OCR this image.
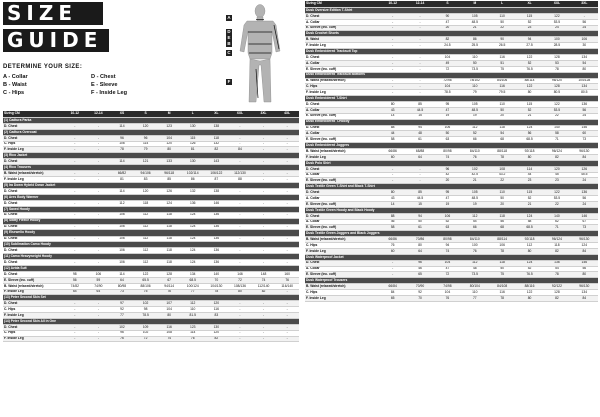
SIZE
GUIDE
DETERMINE YOUR SIZE:
A - Collar	D - Chest
B - Waist	E - Sleeve
C - Hips	F - Inside Leg
A
B
C
D
E
F
Sizing CM	10-12	12-14	XS	S	M	L	XL	XXL	3XL	4XL
(1) Cadtura Parka										
D. Chest	-	-	114	120	123	130	138	-	-	-
(2) Cadtura Overcoat										
D. Chest	-	-	96	96	104	115	118	-	-	-
C. Hips	-	-	106	114	120	126	132	-	-	-
F. Inside Leg	-	-	78	79	80	81	82	84	-	-
(3) Rico Jacket										
D. Chest	-	-	114	121	133	130	143	-	-	-
(4) Rico Trousers										
B. Waist (relaxed/stretch)	-	-	66/82	94/106	96/118	102/114	106/122	112/130	-	-
F. Inside Leg	-	-	81	83	85	86	87	88	-	-
(5) Ira Down Hybrid Down Jacket										
D. Chest	-	-	114	120	126	132	138	-	-	-
(6) Ares Body Warmer										
D. Chest	-	-	112	118	124	136	146	-	-	-
(7) Saxed Hoody										
D. Chest	-	-	106	112	118	124	136	-	-	-
(8) Slatty Fleece Hoody										
D. Chest	-	-	106	112	118	124	136	-	-	-
(9) Elsewelio Hoody										
D. Chest	-	-	106	112	118	124	136	-	-	-
(10) Sublimation Camo Hoody										
D. Chest	-	-	106	112	118	124	136	-	-	-
(11) Camo Heavyweight Hoody										
D. Chest	-	-	106	112	118	124	136	-	-	-
(12) Avida Suit										
D. Chest	98	106	114	122	128	134	140	146	148	160
E. Sleeve (inc. cuff)	56	59	64	65.5	67	68.5	70	72	74	76
B. Waist (relaxed/stretch)	74/82	74/90	80/98	88/106	94/114	100/124	104/130	108/136	112/140	116/140
F. Inside Leg	64	64	73	75	76	77	78	80	82	-
(13) Peter Second Skin Set										
D. Chest	-	-	97	102	107	112	120	-	-	-
C. Hips	-	-	92	98	104	110	116	-	-	-
F. Inside Leg	-	-	77	78.5	80	81.5	83	-	-	-
(14) Peter Second Skin All in One										
D. Chest	-	-	102	109	116	123	130	-	-	-
C. Hips	-	-	96	102	108	114	120	-	-	-
F. Inside Leg	-	-	76	72	74	76	82	-	-	-
Sizing CM	10-12	12-14	S	M	L	XL	XXL	3XL
Dusk Oversize Edition T-Shirt								
D. Chest	-	-	90	105	110	115	122	-
A. Collar	-	-	47	48.5	50	52	53.5	56
E. Sleeve (inc. cuff)	-	-	20	21	22	23	24	24
Dusk Crochet Shorts								
B. Waist	-	-	82	86	90	94	100	106
F. Inside Leg	-	-	24.5	25.5	26.5	27.5	28.5	30
Dusk Embroidered Tracksuit Top								
D. Chest	-	-	104	110	116	122	128	134
A. Collar	-	-	49	50	51	52	53	54
E. Sleeve (inc. cuff)	-	-	72	73.5	75	76.5	78	80
Dusk Embroidered Tracksuit Bottoms								
B. Waist (relaxed/stretch)	-	-	72/98	78/102	84/106	88/114	96/120	104/128
C. Hips	-	-	104	110	116	122	128	134
F. Inside Leg	-	-	78.5	79	79.5	80	80.5	80.5
Dusk Embroidered T-Shirt								
D. Chest	80	85	95	105	110	115	122	136
A. Collar	43	44.5	47	48.5	50	52	53.5	56
E. Sleeve (inc. cuff)	14	15	19	19	20	21	22	24
Dusk Embroidered T-Hoody								
D. Chest	88	94	106	112	118	124	140	146
A. Collar	44	48	50	52	54	56	58	60
E. Sleeve (inc. cuff)	58	61	63	66	68	68.5	71	73
Dusk Embroidered Joggers								
B. Waist (relaxed/stretch)	66/86	68/88	80/98	84/110	88/118	92/118	96/124	96/130
F. Inside Leg	60	64	74	76	78	80	82	84
Dusk Polo Shirt								
D. Chest	-	-	96	102	108	114	120	126
A. Collar	-	-	42	42.5	43.2	44	45	45.5
E. Sleeve (inc. cuff)	-	-	20	21	22	23	23	24
Dusk Textile Green T-Shirt and Black T-Shirt								
D. Chest	80	85	95	105	110	115	122	136
A. Collar	43	44.5	47	48.5	50	52	53.5	56
E. Sleeve (inc. cuff)	14	15	19	19	20	21	22	24
Dusk Textile Green Hoody and Black Hoody								
D. Chest	88	94	106	112	118	124	140	146
A. Collar	46	50	52	54	56	58	62	67
E. Sleeve (inc. cuff)	58	61	63	66	68	68.5	71	73
Dusk Textile Green Joggers and Black Joggers								
B. Waist (relaxed/stretch)	66/86	70/86	80/98	84/110	88/114	92/118	96/124	96/130
C. Hips	76	80	94	100	106	112	118	124
F. Inside Leg	60	64	74	76	78	80	82	84
Dusk Waterproof Jacket								
D. Chest	-	96	104	112	118	124	136	146
A. Collar	-	46	47	48	50	52	54	56
E. Sleeve (inc. cuff)	-	65	72	73.5	75	76.5	78	80
Dusk Waterproof Trousers								
B. Waist (relaxed/stretch)	66/84	70/90	74/98	80/104	84/108	88/116	92/122	96/130
C. Hips	84	92	104	110	116	122	128	134
F. Inside Leg	65	70	76	77	78	80	82	84
